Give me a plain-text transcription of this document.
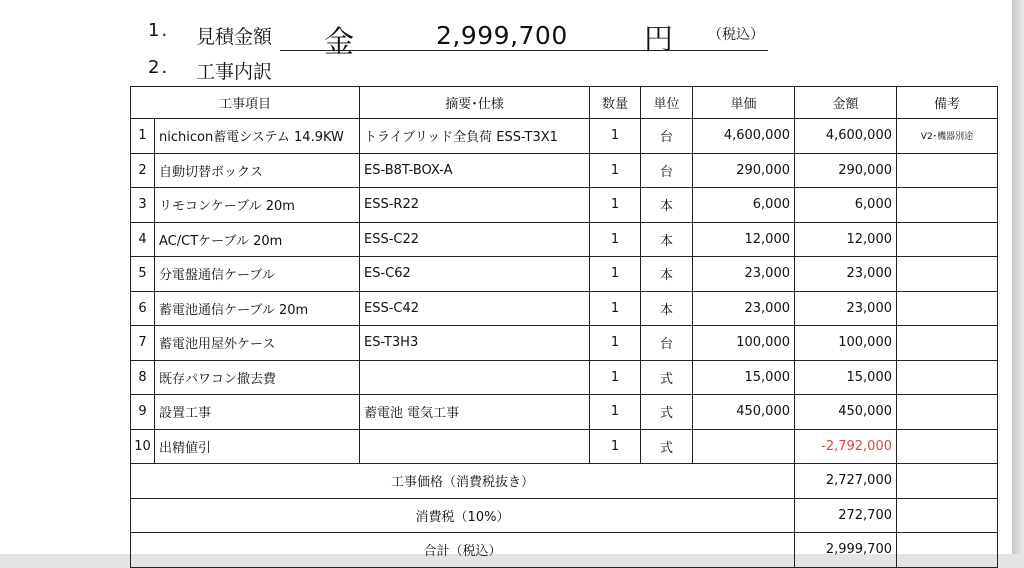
1. 見積金額 金	2,999,700	円 （税込）
2. 工事内訳
工事項目		摘要･仕様	数量	単位	単価	金額	備考
1	nichicon蓄電システム 14.9KW	トライブリッド全負荷 ESS-T3X1	1	台	4,600,000	4,600,000	V2･機器別途
2	自動切替ボックス	ES-B8T-BOX-A	1	台	290,000	290,000	
3	リモコンケーブル 20m	ESS-R22	1	本	6,000	6,000	
4	AC/CTケーブル 20m	ESS-C22	1	本	12,000	12,000	
5	分電盤通信ケーブル	ES-C62	1	本	23,000	23,000	
6	蓄電池通信ケーブル 20m	ESS-C42	1	本	23,000	23,000	
7	蓄電池用屋外ケース	ES-T3H3	1	台	100,000	100,000	
8	既存パワコン撤去費		1	式	15,000	15,000	
9	設置工事	蓄電池 電気工事	1	式	450,000	450,000	
10	出精値引		1	式		-2,792,000	
工事価格（消費税抜き）						2,727,000	
消費税（10%）						272,700	
合計（税込）						2,999,700	
